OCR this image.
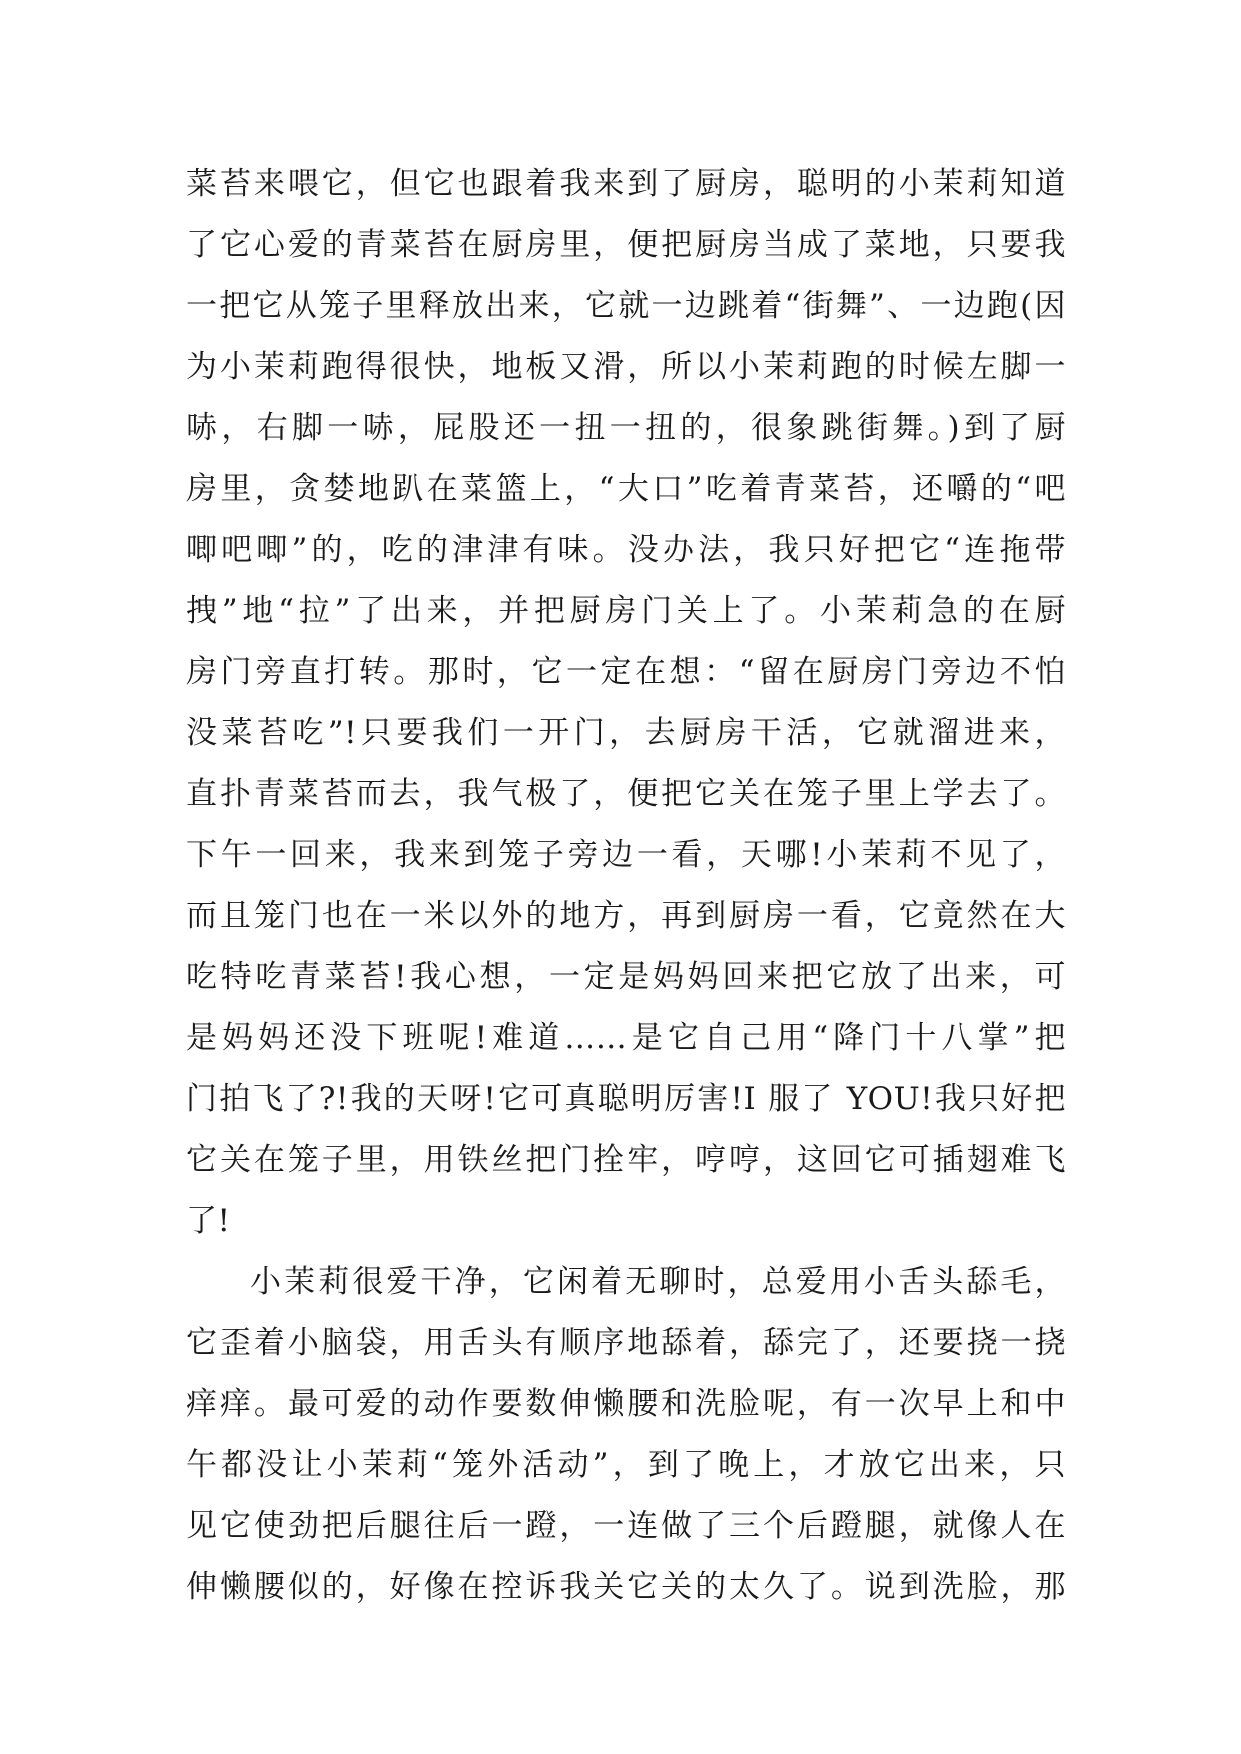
菜苔来喂它，但它也跟着我来到了厨房，聪明的小茉莉知道
了它心爱的青菜苔在厨房里，便把厨房当成了菜地，只要我
一把它从笼子里释放出来，它就一边跳着“街舞”、一边跑(因
为小茉莉跑得很快，地板又滑，所以小茉莉跑的时候左脚一
哧，右脚一哧，屁股还一扭一扭的，很象跳街舞。)到了厨
房里，贪婪地趴在菜篮上，“大口”吃着青菜苔，还嚼的“吧
唧吧唧”的，吃的津津有味。没办法，我只好把它“连拖带
拽”地“拉”了出来，并把厨房门关上了。小茉莉急的在厨
房门旁直打转。那时，它一定在想：“留在厨房门旁边不怕
没菜苔吃”!只要我们一开门，去厨房干活，它就溜进来，
直扑青菜苔而去，我气极了，便把它关在笼子里上学去了。
下午一回来，我来到笼子旁边一看，天哪!小茉莉不见了，
而且笼门也在一米以外的地方，再到厨房一看，它竟然在大
吃特吃青菜苔!我心想，一定是妈妈回来把它放了出来，可
是妈妈还没下班呢!难道……是它自己用“降门十八掌”把
门拍飞了?!我的天呀!它可真聪明厉害!I 服了 YOU!我只好把
它关在笼子里，用铁丝把门拴牢，哼哼，这回它可插翅难飞
了!
小茉莉很爱干净，它闲着无聊时，总爱用小舌头舔毛，
它歪着小脑袋，用舌头有顺序地舔着，舔完了，还要挠一挠
痒痒。最可爱的动作要数伸懒腰和洗脸呢，有一次早上和中
午都没让小茉莉“笼外活动”，到了晚上，才放它出来，只
见它使劲把后腿往后一蹬，一连做了三个后蹬腿，就像人在
伸懒腰似的，好像在控诉我关它关的太久了。说到洗脸，那
